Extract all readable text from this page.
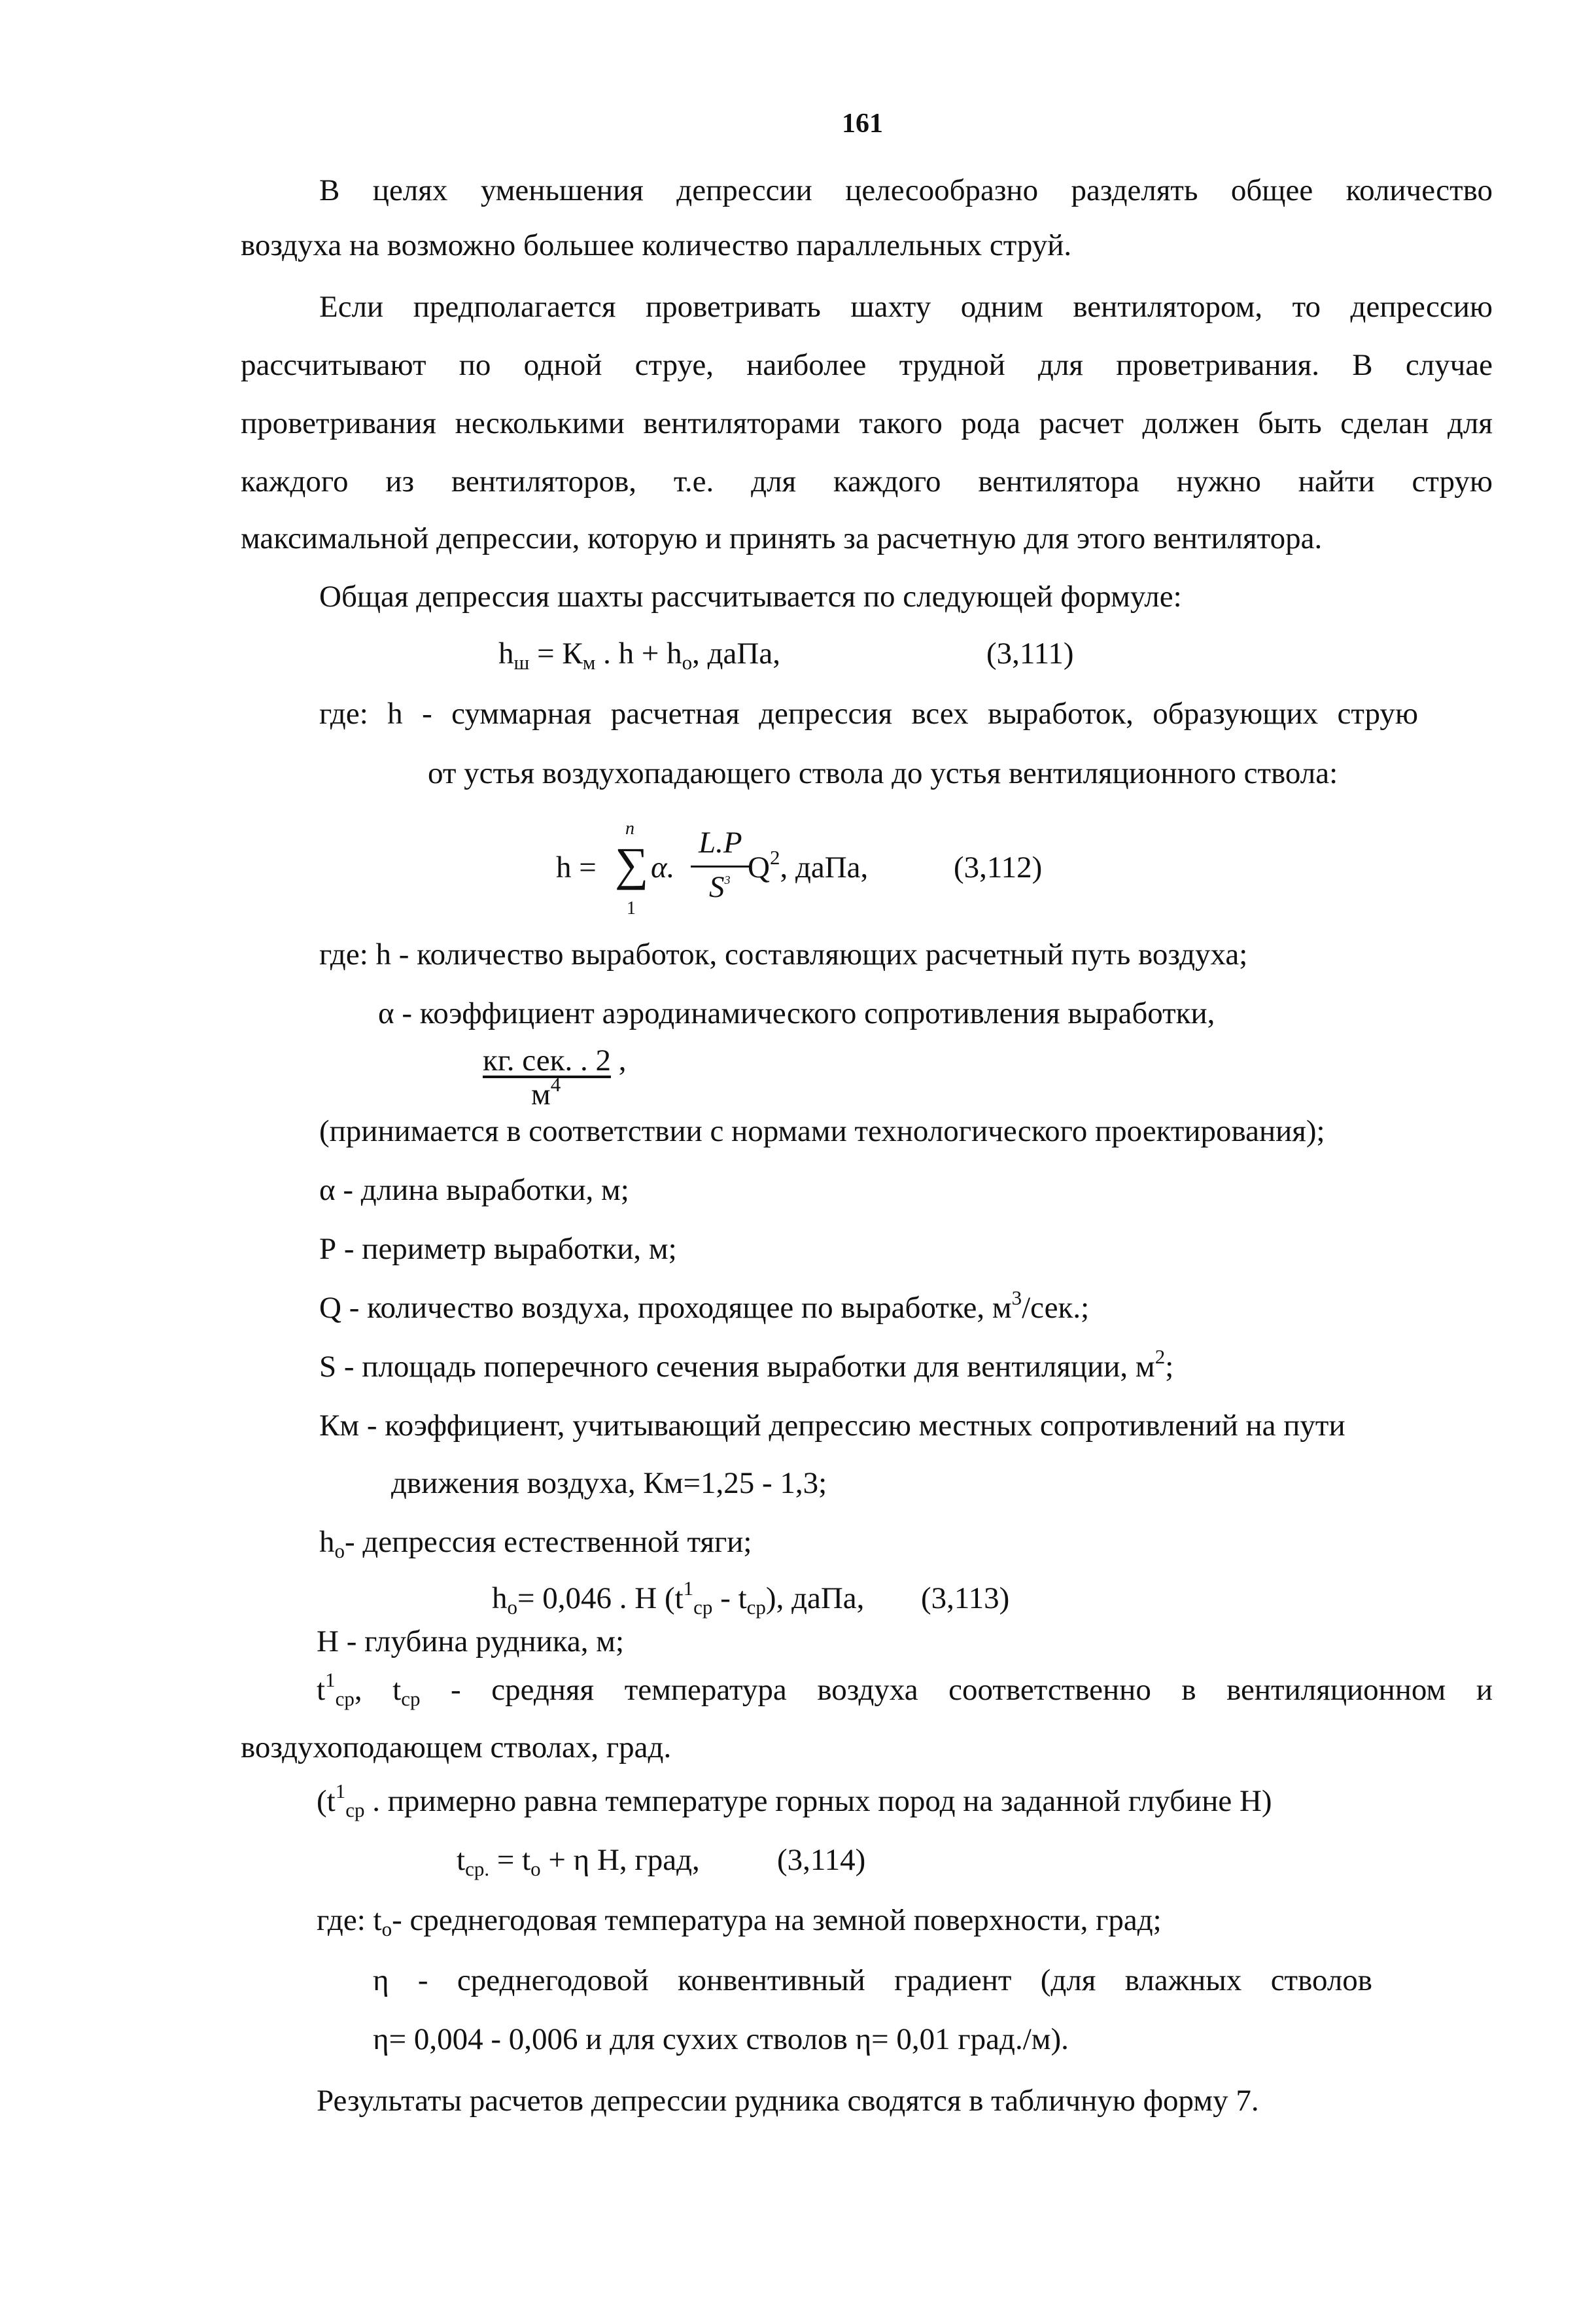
161
В целях уменьшения депрессии целесообразно разделять общее количество
воздуха на возможно большее количество параллельных струй.
Если предполагается проветривать шахту одним вентилятором, то депрессию
рассчитывают по одной струе, наиболее трудной для проветривания. В случае
проветривания несколькими вентиляторами такого рода расчет должен быть сделан для
каждого из вентиляторов, т.е. для каждого вентилятора нужно найти струю
максимальной депрессии, которую и принять за расчетную для этого вентилятора.
Общая депрессия шахты рассчитывается по следующей формуле:
$h_ш = К_м$ . $h + h_о$, даПа,	(3,111)
где: h - суммарная расчетная депрессия всех выработок, образующих струю
от устья воздухопадающего ствола до устья вентиляционного ствола:
h =
n
∑
1
α.
L.P
$S^3$ $Q^2$, даПа,	(3,112)
где: h - количество выработок, составляющих расчетный путь воздуха;
α - коэффициент аэродинамического сопротивления выработки,
кг. сек. . 2 ,
$м^4$
(принимается в соответствии с нормами технологического проектирования);
α - длина выработки, м;
Р - периметр выработки, м;
Q - количество воздуха, проходящее по выработке, $м^3$/сек.;
S - площадь поперечного сечения выработки для вентиляции, $м^2$;
Км - коэффициент, учитывающий депрессию местных сопротивлений на пути
движения воздуха, Км=1,25 - 1,3;
$h_о-$ депрессия естественной тяги;
$h_о= 0,046$ . Н $(t^1_{ср} - t_{ср})$, даПа, (3,113)
Н - глубина рудника, м;
$t^1_{ср}$, $t_{ср}$ - средняя температура воздуха соответственно в вентиляционном и
воздухоподающем стволах, град.
($t^1_{ср}$ . примерно равна температуре горных пород на заданной глубине Н)
$t_{ср.} = t_о + \eta$ Н, град,	(3,114)
где: $t_о-$ среднегодовая температура на земной поверхности, град;
η - среднегодовой конвентивный градиент (для влажных стволов
η= 0,004 - 0,006 и для сухих стволов η= 0,01 град./м).
Результаты расчетов депрессии рудника сводятся в табличную форму 7.
